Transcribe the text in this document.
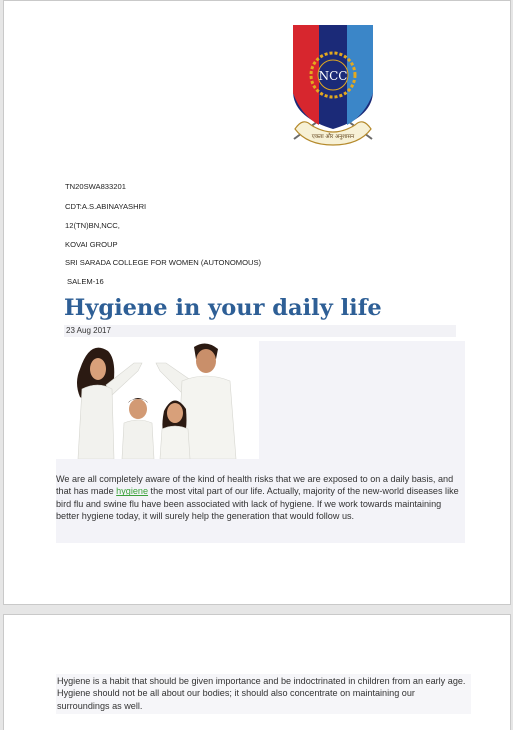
NCC
एकता और अनुशासन
TN20SWA833201
CDT:A.S.ABINAYASHRI
12(TN)BN,NCC,
KOVAI GROUP
SRI SARADA COLLEGE FOR WOMEN (AUTONOMOUS)
SALEM-16
Hygiene in your daily life
23 Aug 2017
We are all completely aware of the kind of health risks that we are exposed to on a daily basis, and that has made hygiene the most vital part of our life. Actually, majority of the new-world diseases like bird flu and swine flu have been associated with lack of hygiene. If we work towards maintaining better hygiene today, it will surely help the generation that would follow us.
Hygiene is a habit that should be given importance and be indoctrinated in children from an early age. Hygiene should not be all about our bodies; it should also concentrate on maintaining our surroundings as well.
